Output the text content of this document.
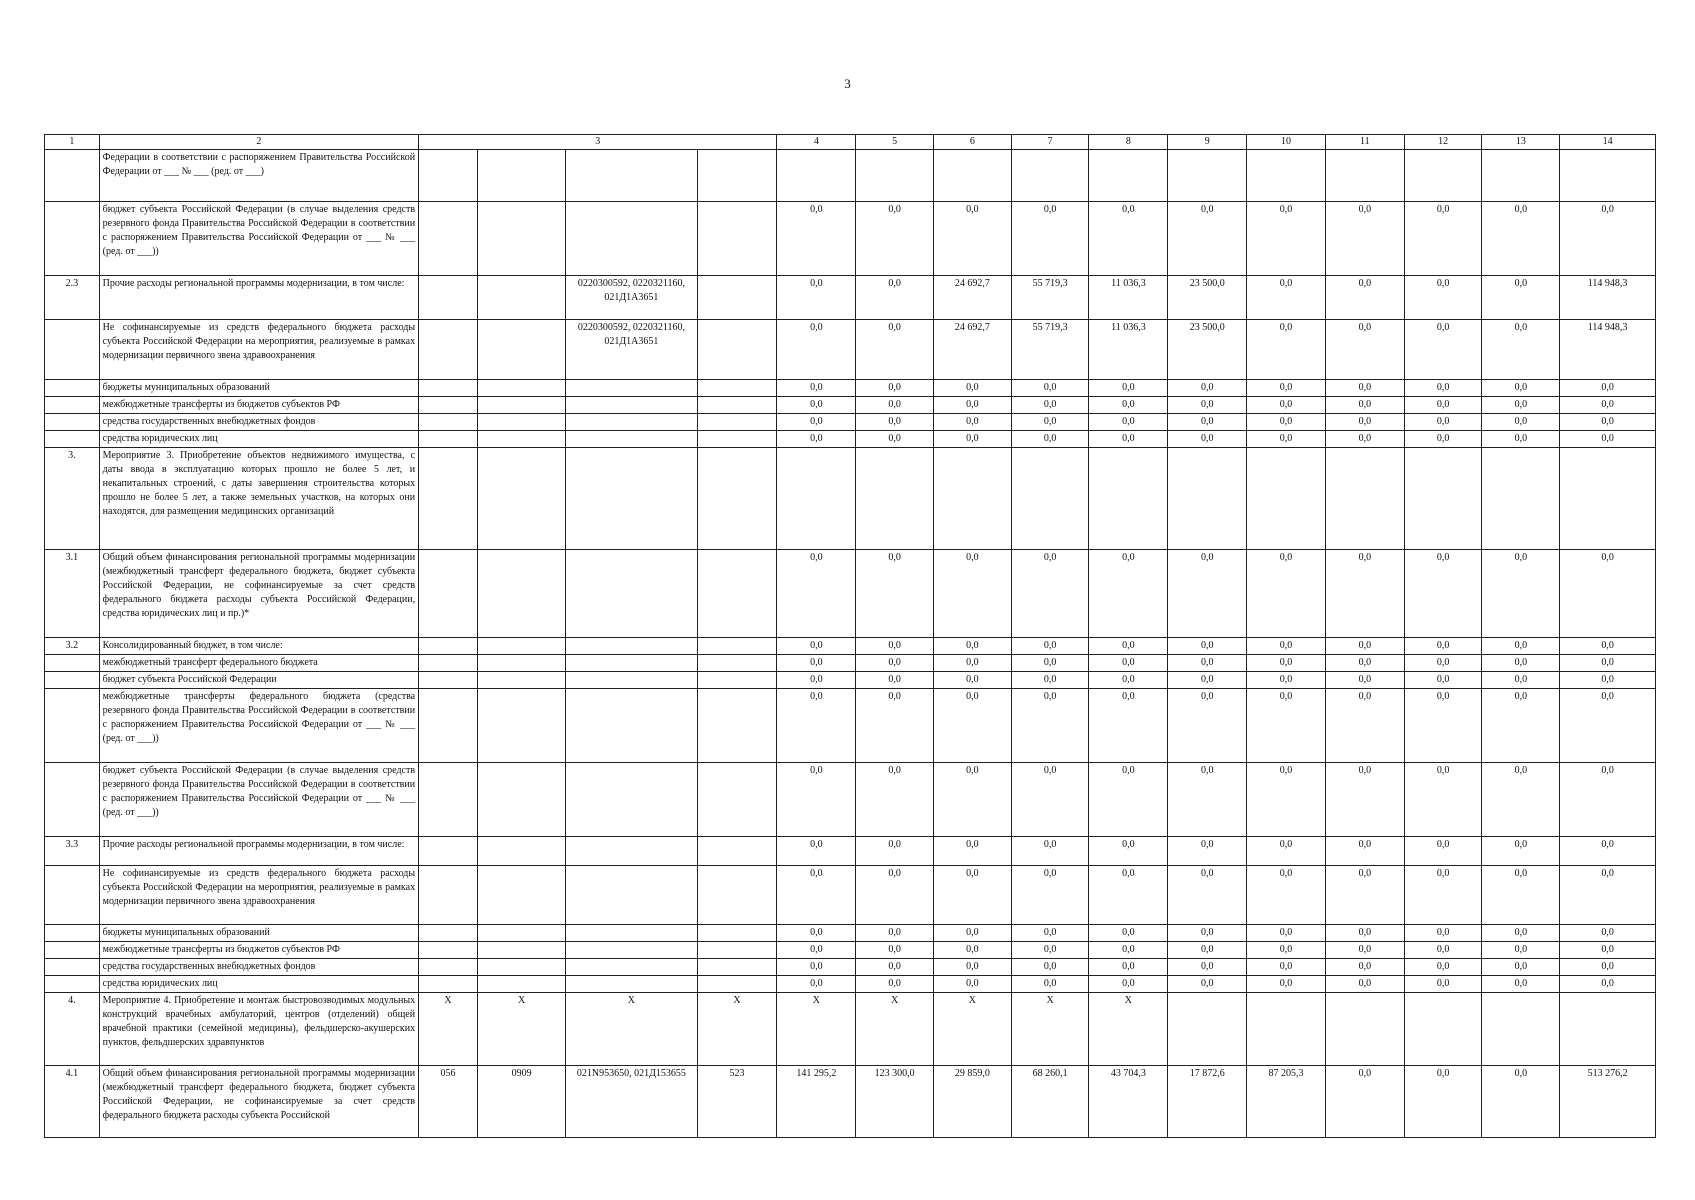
3
1	2	3				4	5	6	7	8	9	10	11	12	13	14
	Федерации в соответствии с распоряжением Правительства Российской Федерации от ___ № ___ (ред. от ___)															
	бюджет субъекта Российской Федерации (в случае выделения средств резервного фонда Правительства Российской Федерации в соответствии с распоряжением Правительства Российской Федерации от ___ № ___ (ред. от ___))					0,0	0,0	0,0	0,0	0,0	0,0	0,0	0,0	0,0	0,0	0,0
2.3	Прочие расходы региональной программы модернизации, в том числе:			0220300592, 0220321160, 021Д1А3651		0,0	0,0	24 692,7	55 719,3	11 036,3	23 500,0	0,0	0,0	0,0	0,0	114 948,3
	Не софинансируемые из средств федерального бюджета расходы субъекта Российской Федерации на мероприятия, реализуемые в рамках модернизации первичного звена здравоохранения			0220300592, 0220321160, 021Д1А3651		0,0	0,0	24 692,7	55 719,3	11 036,3	23 500,0	0,0	0,0	0,0	0,0	114 948,3
	бюджеты муниципальных образований					0,0	0,0	0,0	0,0	0,0	0,0	0,0	0,0	0,0	0,0	0,0
	межбюджетные трансферты из бюджетов субъектов РФ					0,0	0,0	0,0	0,0	0,0	0,0	0,0	0,0	0,0	0,0	0,0
	средства государственных внебюджетных фондов					0,0	0,0	0,0	0,0	0,0	0,0	0,0	0,0	0,0	0,0	0,0
	средства юридических лиц					0,0	0,0	0,0	0,0	0,0	0,0	0,0	0,0	0,0	0,0	0,0
3.	Мероприятие 3. Приобретение объектов недвижимого имущества, с даты ввода в эксплуатацию которых прошло не более 5 лет, и некапитальных строений, с даты завершения строительства которых прошло не более 5 лет, а также земельных участков, на которых они находятся, для размещения медицинских организаций															
3.1	Общий объем финансирования региональной программы модернизации (межбюджетный трансферт федерального бюджета, бюджет субъекта Российской Федерации, не софинансируемые за счет средств федерального бюджета расходы субъекта Российской Федерации, средства юридических лиц и пр.)*					0,0	0,0	0,0	0,0	0,0	0,0	0,0	0,0	0,0	0,0	0,0
3.2	Консолидированный бюджет, в том числе:					0,0	0,0	0,0	0,0	0,0	0,0	0,0	0,0	0,0	0,0	0,0
	межбюджетный трансферт федерального бюджета					0,0	0,0	0,0	0,0	0,0	0,0	0,0	0,0	0,0	0,0	0,0
	бюджет субъекта Российской Федерации					0,0	0,0	0,0	0,0	0,0	0,0	0,0	0,0	0,0	0,0	0,0
	межбюджетные трансферты федерального бюджета (средства резервного фонда Правительства Российской Федерации в соответствии с распоряжением Правительства Российской Федерации от ___ № ___ (ред. от ___))					0,0	0,0	0,0	0,0	0,0	0,0	0,0	0,0	0,0	0,0	0,0
	бюджет субъекта Российской Федерации (в случае выделения средств резервного фонда Правительства Российской Федерации в соответствии с распоряжением Правительства Российской Федерации от ___ № ___ (ред. от ___))					0,0	0,0	0,0	0,0	0,0	0,0	0,0	0,0	0,0	0,0	0,0
3.3	Прочие расходы региональной программы модернизации, в том числе:					0,0	0,0	0,0	0,0	0,0	0,0	0,0	0,0	0,0	0,0	0,0
	Не софинансируемые из средств федерального бюджета расходы субъекта Российской Федерации на мероприятия, реализуемые в рамках модернизации первичного звена здравоохранения					0,0	0,0	0,0	0,0	0,0	0,0	0,0	0,0	0,0	0,0	0,0
	бюджеты муниципальных образований					0,0	0,0	0,0	0,0	0,0	0,0	0,0	0,0	0,0	0,0	0,0
	межбюджетные трансферты из бюджетов субъектов РФ					0,0	0,0	0,0	0,0	0,0	0,0	0,0	0,0	0,0	0,0	0,0
	средства государственных внебюджетных фондов					0,0	0,0	0,0	0,0	0,0	0,0	0,0	0,0	0,0	0,0	0,0
	средства юридических лиц					0,0	0,0	0,0	0,0	0,0	0,0	0,0	0,0	0,0	0,0	0,0
4.	Мероприятие 4. Приобретение и монтаж быстровозводимых модульных конструкций врачебных амбулаторий, центров (отделений) общей врачебной практики (семейной медицины), фельдшерско-акушерских пунктов, фельдшерских здравпунктов	X	X	X	X	X	X	X	X	X						
4.1	Общий объем финансирования региональной программы модернизации (межбюджетный трансферт федерального бюджета, бюджет субъекта Российской Федерации, не софинансируемые за счет средств федерального бюджета расходы субъекта Российской	056	0909	021N953650, 021Д153655	523	141 295,2	123 300,0	29 859,0	68 260,1	43 704,3	17 872,6	87 205,3	0,0	0,0	0,0	513 276,2
